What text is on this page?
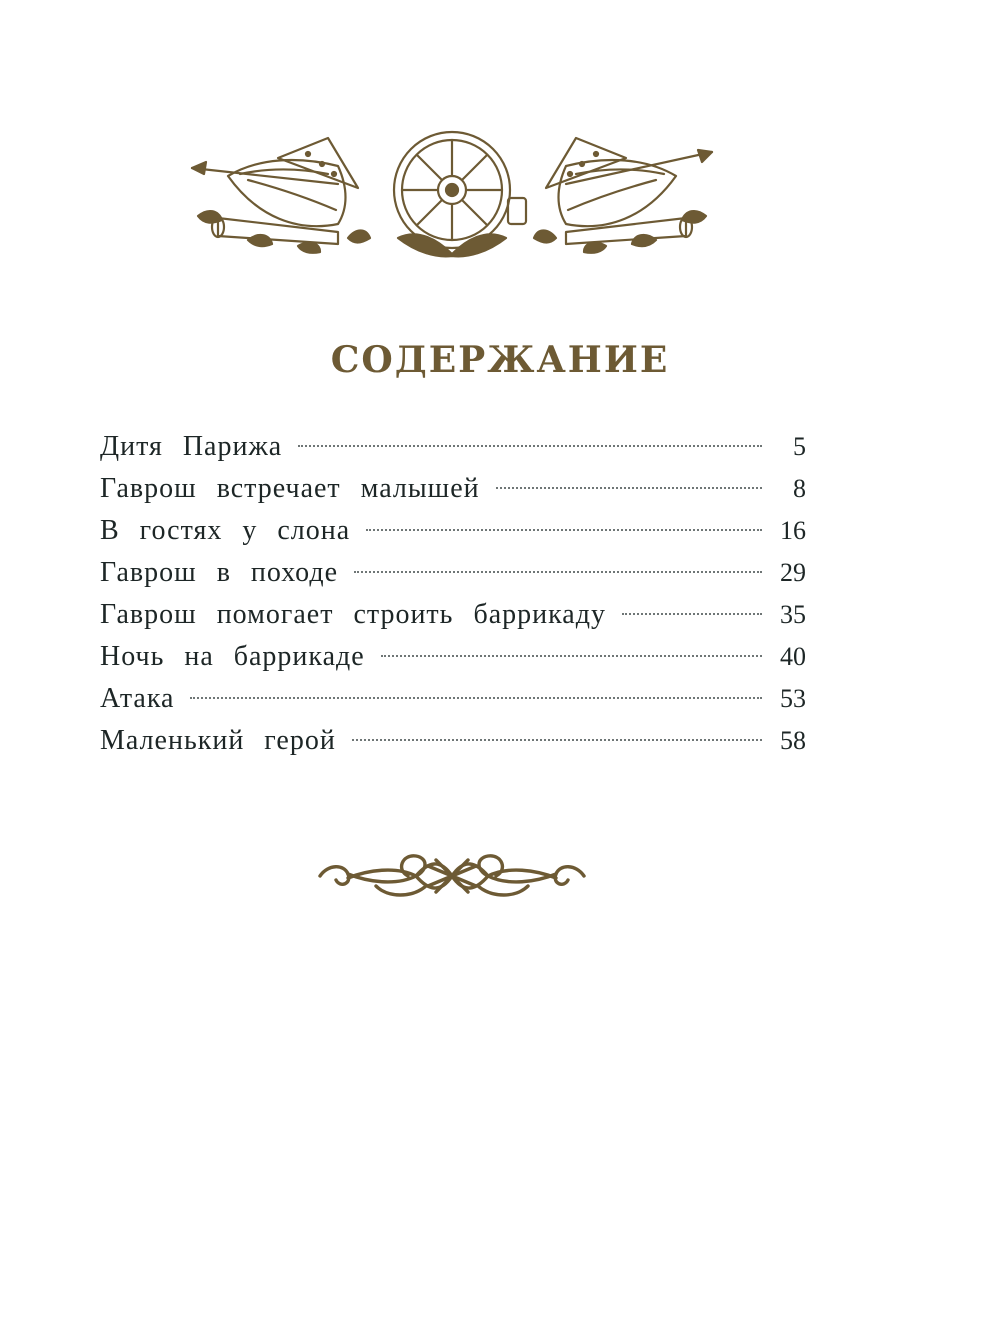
СОДЕРЖАНИЕ
Дитя Парижа	5
Гаврош встречает малышей	8
В гостях у слона	16
Гаврош в походе	29
Гаврош помогает строить баррикаду	35
Ночь на баррикаде	40
Атака	53
Маленький герой	58
